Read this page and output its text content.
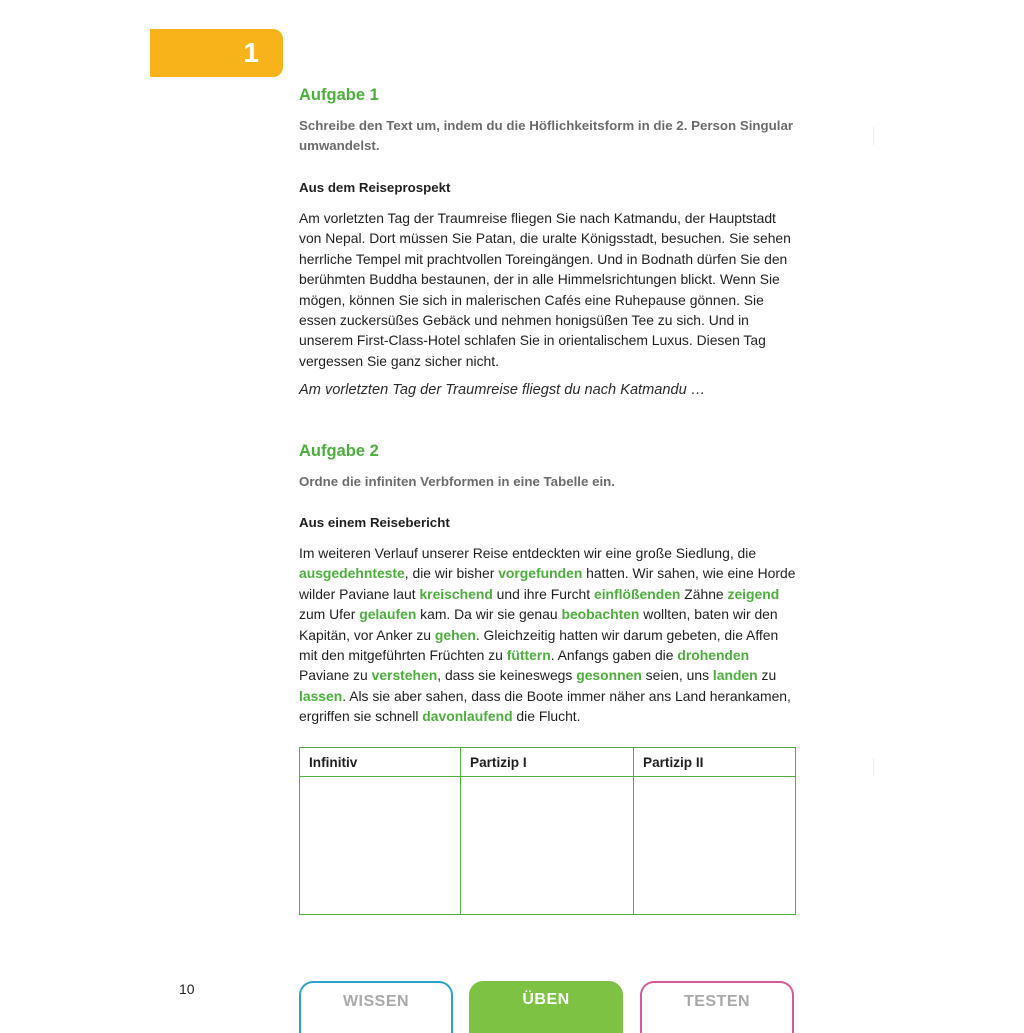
1
Aufgabe 1

Schreibe den Text um, indem du die Höflichkeitsform in die 2. Person Singular umwandelst.

Aus dem Reiseprospekt

Am vorletzten Tag der Traumreise fliegen Sie nach Katmandu, der Hauptstadt von Nepal. Dort müssen Sie Patan, die uralte Königsstadt, besuchen. Sie sehen herrliche Tempel mit prachtvollen Toreingängen. Und in Bodnath dürfen Sie den berühmten Buddha bestaunen, der in alle Himmelsrichtungen blickt. Wenn Sie mögen, können Sie sich in malerischen Cafés eine Ruhepause gönnen. Sie essen zuckersüßes Gebäck und nehmen honigsüßen Tee zu sich. Und in unserem First-Class-Hotel schlafen Sie in orientalischem Luxus. Diesen Tag vergessen Sie ganz sicher nicht.

Am vorletzten Tag der Traumreise fliegst du nach Katmandu …

Aufgabe 2

Ordne die infiniten Verbformen in eine Tabelle ein.

Aus einem Reisebericht

Im weiteren Verlauf unserer Reise entdeckten wir eine große Siedlung, die ausgedehnteste, die wir bisher vorgefunden hatten. Wir sahen, wie eine Horde wilder Paviane laut kreischend und ihre Furcht einflößenden Zähne zeigend zum Ufer gelaufen kam. Da wir sie genau beobachten wollten, baten wir den Kapitän, vor Anker zu gehen. Gleichzeitig hatten wir darum gebeten, die Affen mit den mitgeführten Früchten zu füttern. Anfangs gaben die drohenden Paviane zu verstehen, dass sie keineswegs gesonnen seien, uns landen zu lassen. Als sie aber sahen, dass die Boote immer näher ans Land herankamen, ergriffen sie schnell davonlaufend die Flucht.

Infinitiv	Partizip I	Partizip II

10
WISSEN	ÜBEN	TESTEN
